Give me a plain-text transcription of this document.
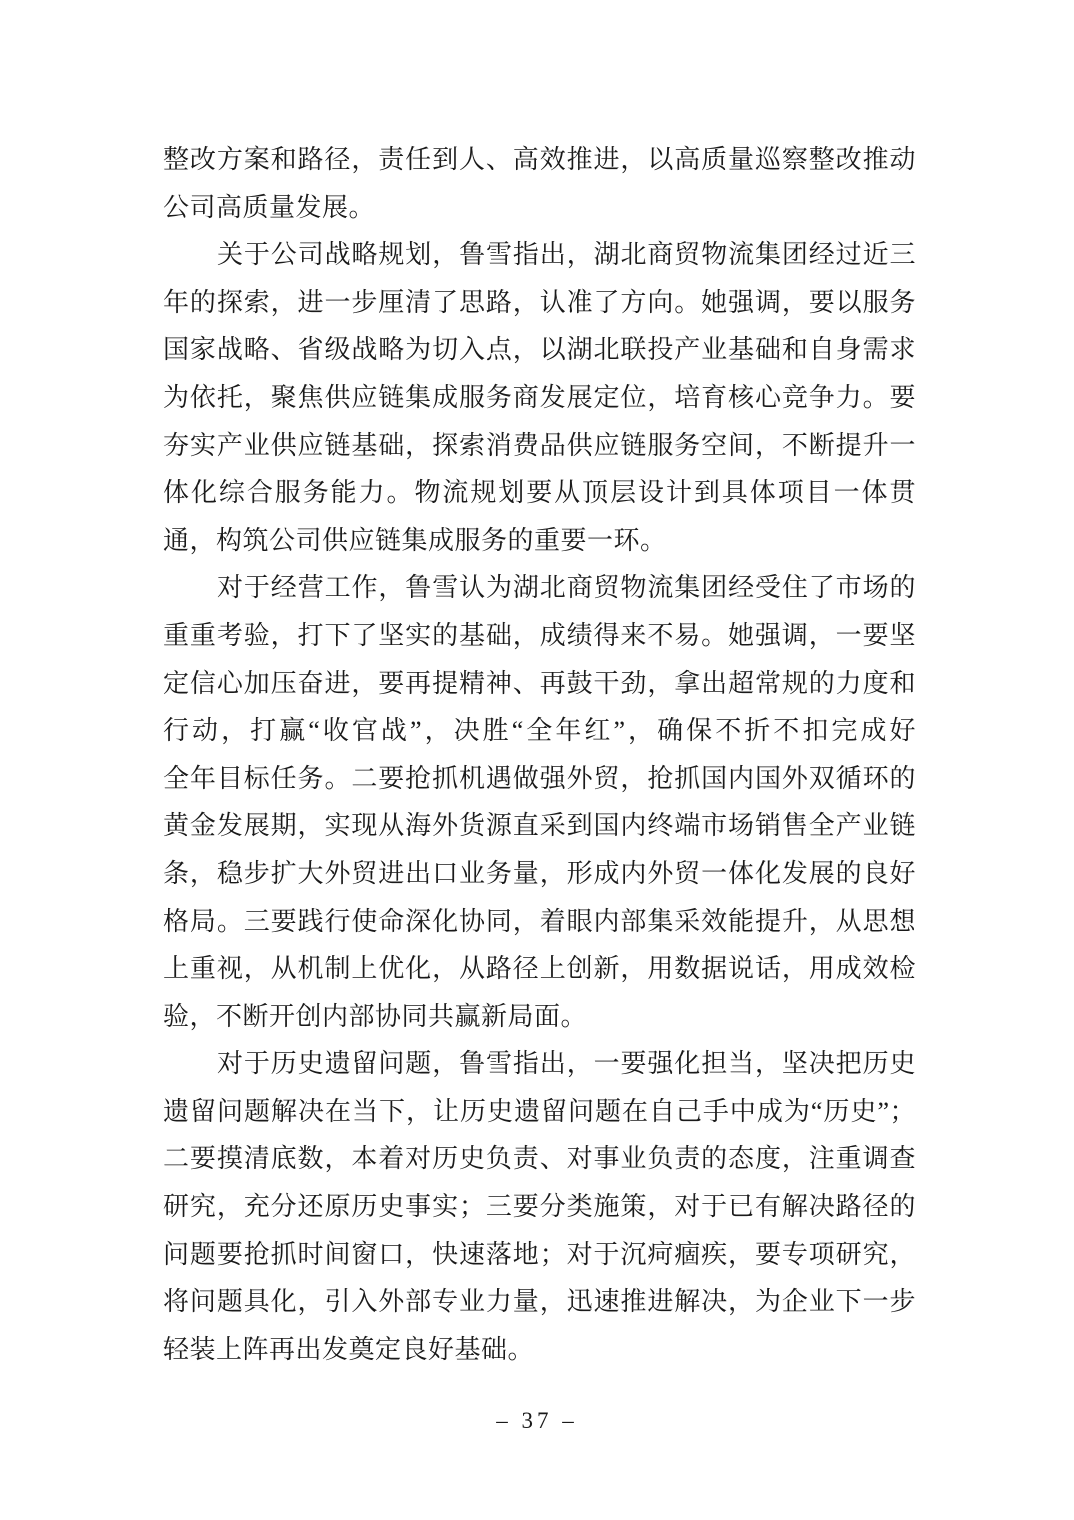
整改方案和路径，责任到人、高效推进，以高质量巡察整改推动
公司高质量发展。
关于公司战略规划，鲁雪指出，湖北商贸物流集团经过近三
年的探索，进一步厘清了思路，认准了方向。她强调，要以服务
国家战略、省级战略为切入点，以湖北联投产业基础和自身需求
为依托，聚焦供应链集成服务商发展定位，培育核心竞争力。要
夯实产业供应链基础，探索消费品供应链服务空间，不断提升一
体化综合服务能力。物流规划要从顶层设计到具体项目一体贯
通，构筑公司供应链集成服务的重要一环。
对于经营工作，鲁雪认为湖北商贸物流集团经受住了市场的
重重考验，打下了坚实的基础，成绩得来不易。她强调，一要坚
定信心加压奋进，要再提精神、再鼓干劲，拿出超常规的力度和
行动，打赢“收官战”，决胜“全年红”，确保不折不扣完成好
全年目标任务。二要抢抓机遇做强外贸，抢抓国内国外双循环的
黄金发展期，实现从海外货源直采到国内终端市场销售全产业链
条，稳步扩大外贸进出口业务量，形成内外贸一体化发展的良好
格局。三要践行使命深化协同，着眼内部集采效能提升，从思想
上重视，从机制上优化，从路径上创新，用数据说话，用成效检
验，不断开创内部协同共赢新局面。
对于历史遗留问题，鲁雪指出，一要强化担当，坚决把历史
遗留问题解决在当下，让历史遗留问题在自己手中成为“历史”；
二要摸清底数，本着对历史负责、对事业负责的态度，注重调查
研究，充分还原历史事实；三要分类施策，对于已有解决路径的
问题要抢抓时间窗口，快速落地；对于沉疴痼疾，要专项研究，
将问题具化，引入外部专业力量，迅速推进解决，为企业下一步
轻装上阵再出发奠定良好基础。
– 37 –
